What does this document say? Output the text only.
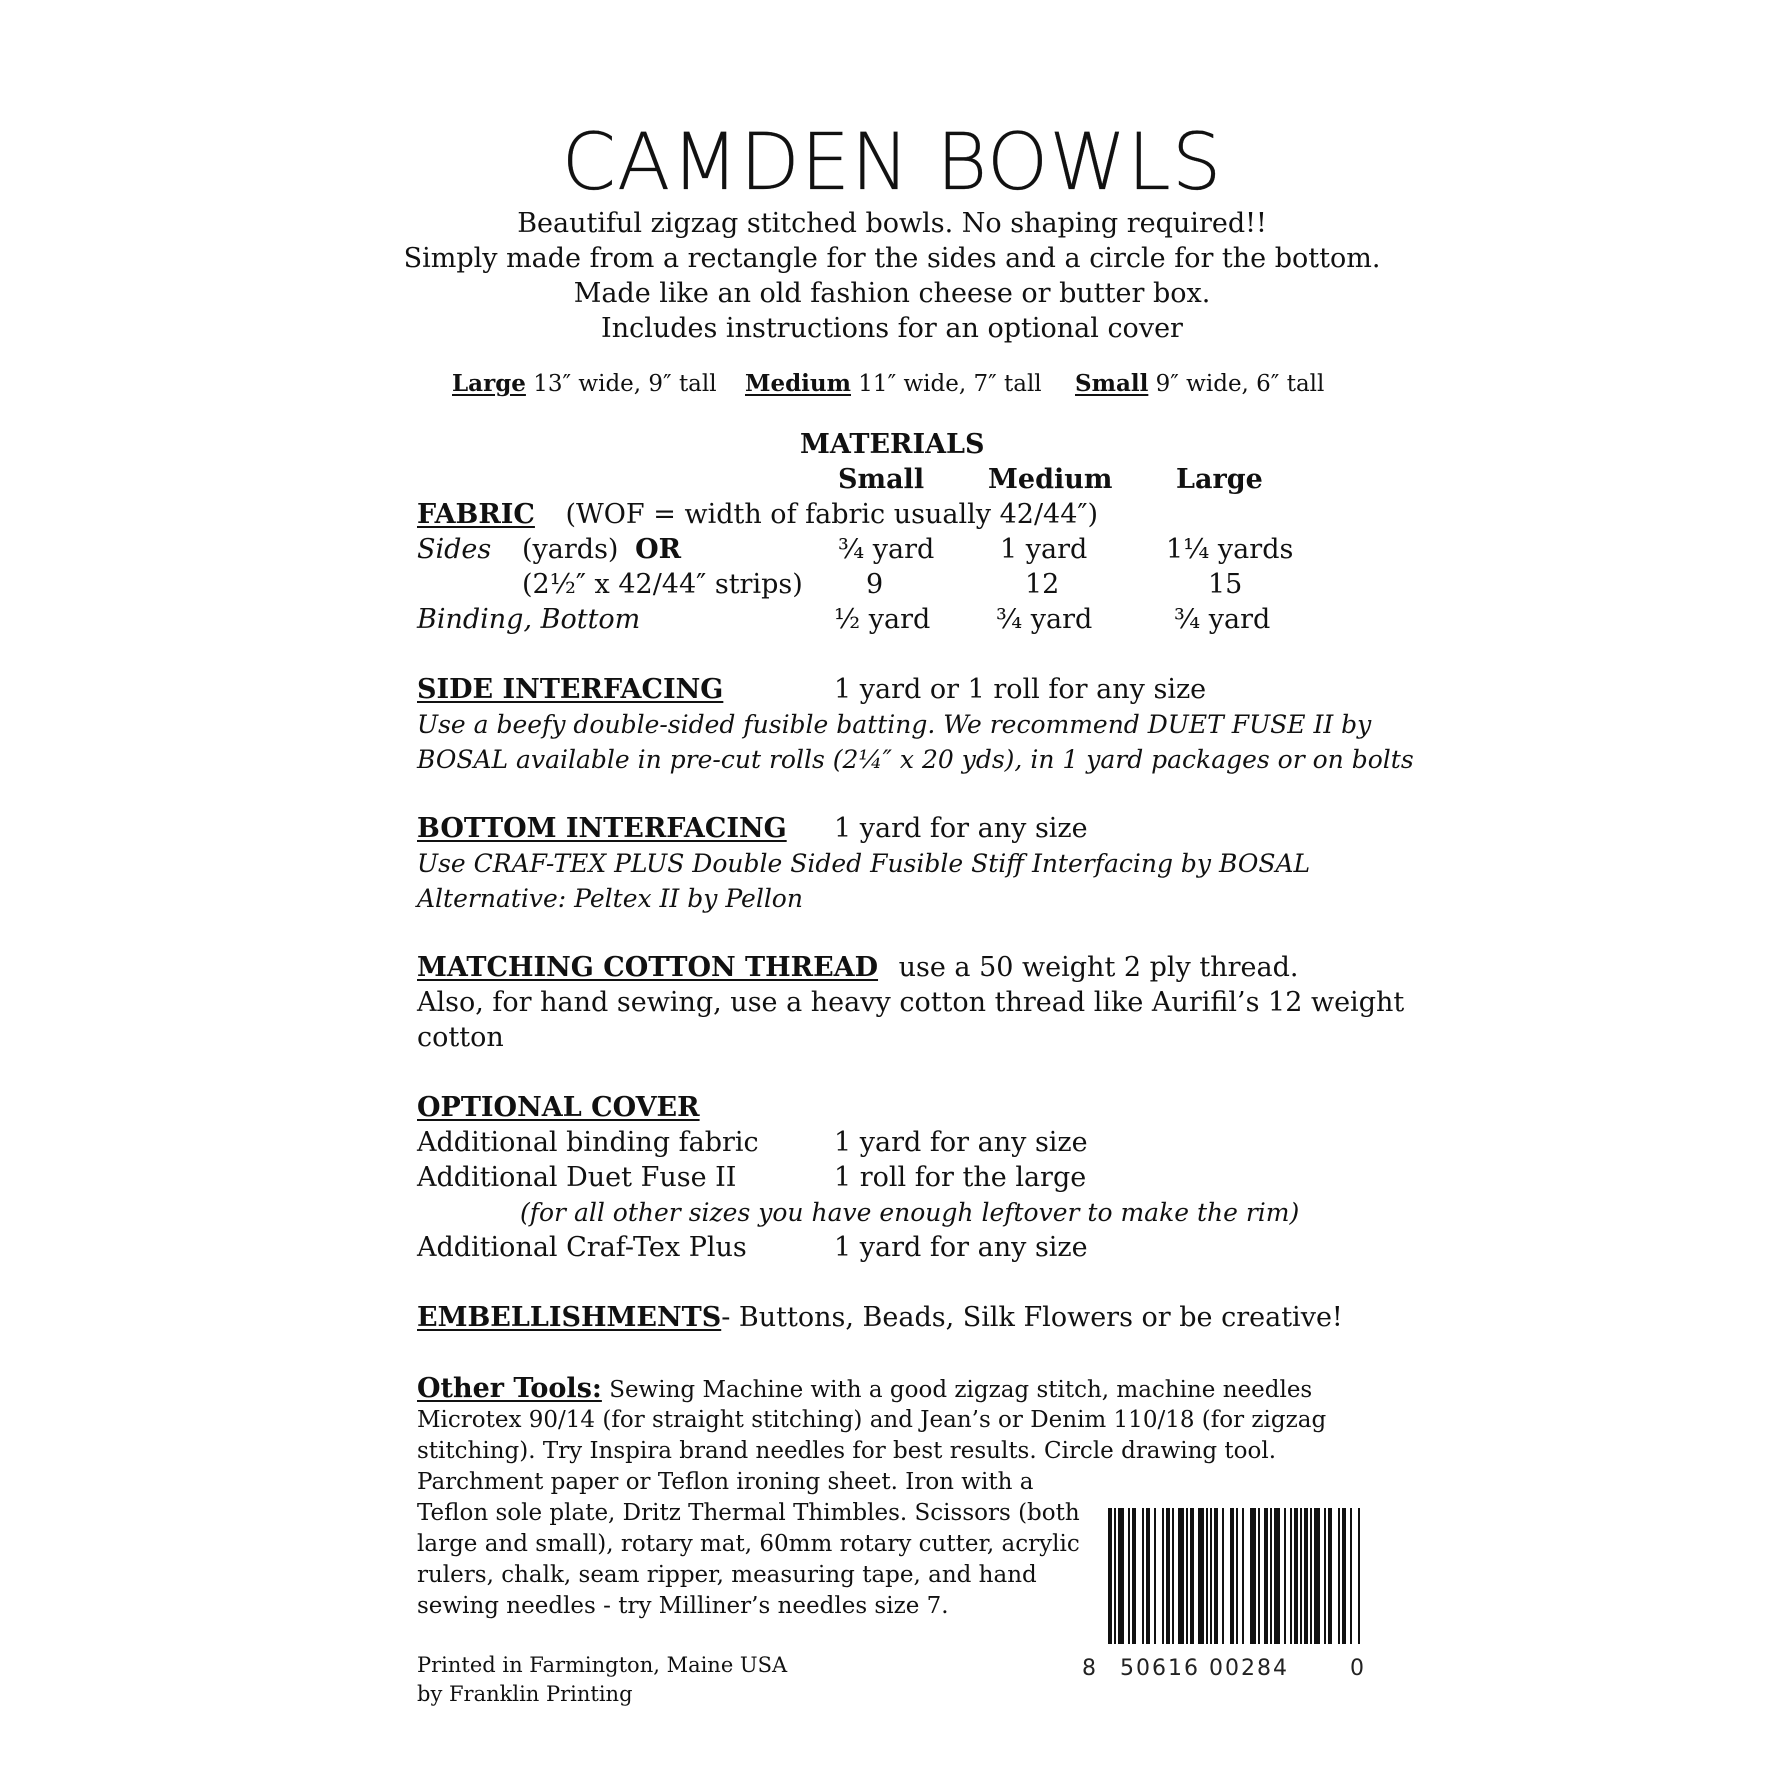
CAMDEN BOWLS
Beautiful zigzag stitched bowls. No shaping required!!
Simply made from a rectangle for the sides and a circle for the bottom.
Made like an old fashion cheese or butter box.
Includes instructions for an optional cover
Large 13″ wide, 9″ tall Medium 11″ wide, 7″ tall Small 9″ wide, 6″ tall
MATERIALS
Small Medium Large
FABRIC (WOF = width of fabric usually 42/44″)
Sides (yards) OR	¾ yard 1 yard	1¼ yards
(2½″ x 42/44″ strips) 9	12	15
Binding, Bottom	½ yard ¾ yard	¾ yard
SIDE INTERFACING	1 yard or 1 roll for any size
Use a beefy double-sided fusible batting. We recommend DUET FUSE II by
BOSAL available in pre-cut rolls (2¼″ x 20 yds), in 1 yard packages or on bolts
BOTTOM INTERFACING 1 yard for any size
Use CRAF-TEX PLUS Double Sided Fusible Stiff Interfacing by BOSAL
Alternative: Peltex II by Pellon
MATCHING COTTON THREAD use a 50 weight 2 ply thread.
Also, for hand sewing, use a heavy cotton thread like Aurifil’s 12 weight
cotton
OPTIONAL COVER
Additional binding fabric	1 yard for any size
Additional Duet Fuse II	1 roll for the large
(for all other sizes you have enough leftover to make the rim)
Additional Craf-Tex Plus	1 yard for any size
EMBELLISHMENTS- Buttons, Beads, Silk Flowers or be creative!
Other Tools: Sewing Machine with a good zigzag stitch, machine needles
Microtex 90/14 (for straight stitching) and Jean’s or Denim 110/18 (for zigzag
stitching). Try Inspira brand needles for best results. Circle drawing tool.
Parchment paper or Teflon ironing sheet. Iron with a
Teflon sole plate, Dritz Thermal Thimbles. Scissors (both
large and small), rotary mat, 60mm rotary cutter, acrylic
rulers, chalk, seam ripper, measuring tape, and hand
sewing needles - try Milliner’s needles size 7.
Printed in Farmington, Maine USA
by Franklin Printing
8 50616 00284	0
